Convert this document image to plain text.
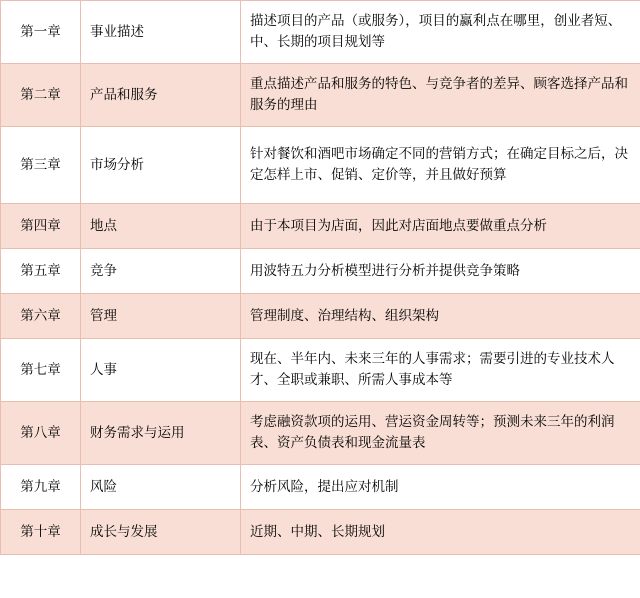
第一章	事业描述	描述项目的产品（或服务），项目的赢利点在哪里，创业者短、中、长期的项目规划等
第二章	产品和服务	重点描述产品和服务的特色、与竞争者的差异、顾客选择产品和服务的理由
第三章	市场分析	针对餐饮和酒吧市场确定不同的营销方式；在确定目标之后，决定怎样上市、促销、定价等，并且做好预算
第四章	地点	由于本项目为店面，因此对店面地点要做重点分析
第五章	竞争	用波特五力分析模型进行分析并提供竞争策略
第六章	管理	管理制度、治理结构、组织架构
第七章	人事	现在、半年内、未来三年的人事需求；需要引进的专业技术人才、全职或兼职、所需人事成本等
第八章	财务需求与运用	考虑融资款项的运用、营运资金周转等；预测未来三年的利润表、资产负债表和现金流量表
第九章	风险	分析风险，提出应对机制
第十章	成长与发展	近期、中期、长期规划
